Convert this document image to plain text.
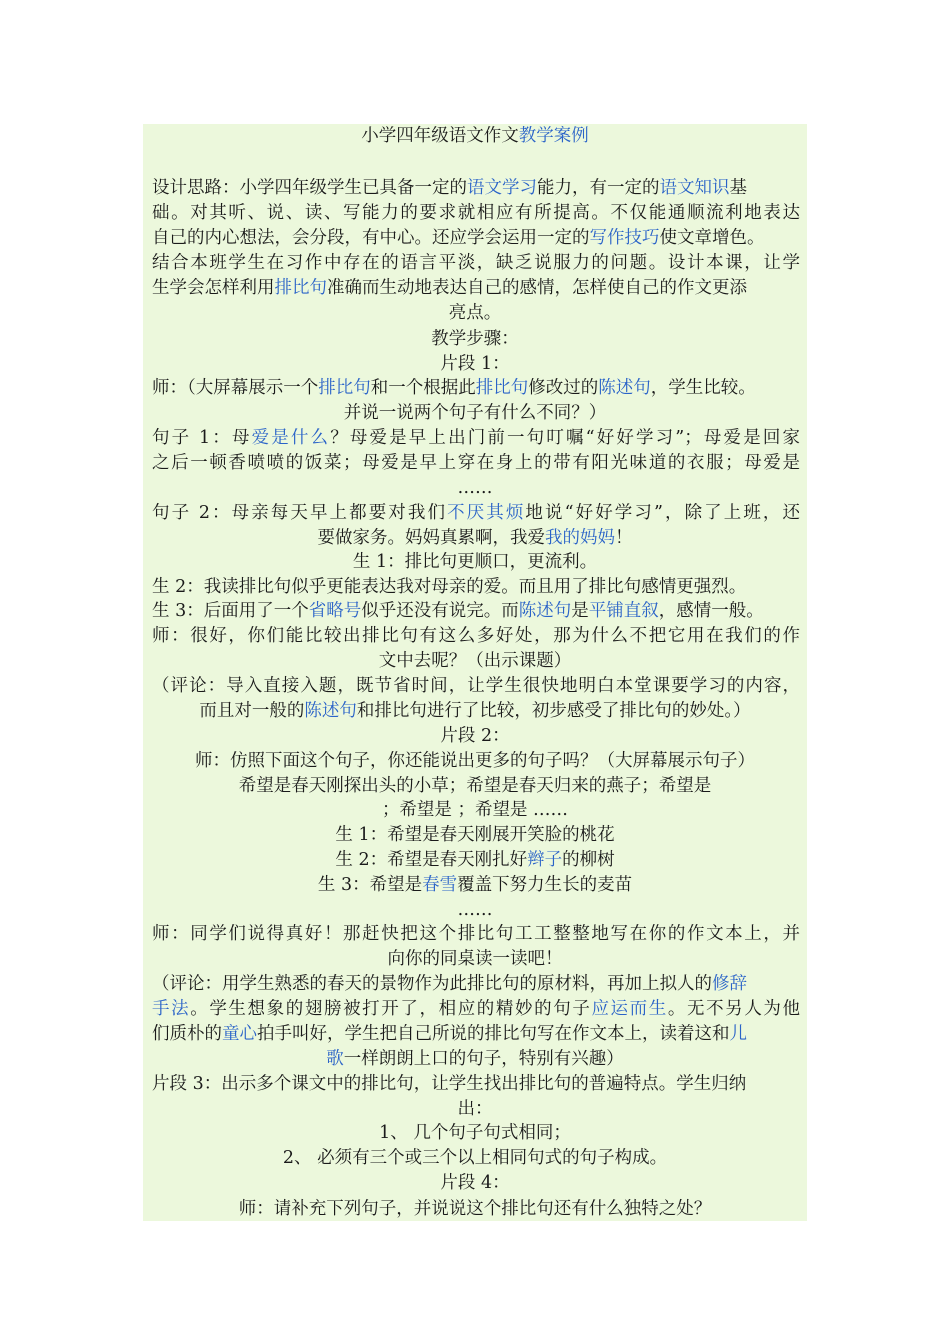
小学四年级语文作文教学案例
设计思路：小学四年级学生已具备一定的语文学习能力，有一定的语文知识基
础。对其听、说、读、写能力的要求就相应有所提高。不仅能通顺流利地表达
自己的内心想法，会分段，有中心。还应学会运用一定的写作技巧使文章增色。
结合本班学生在习作中存在的语言平淡，缺乏说服力的问题。设计本课，让学
生学会怎样利用排比句准确而生动地表达自己的感情，怎样使自己的作文更添
亮点。
教学步骤：
片段 1：
师：（大屏幕展示一个排比句和一个根据此排比句修改过的陈述句，学生比较。
并说一说两个句子有什么不同？）
句子 1：母爱是什么？母爱是早上出门前一句叮嘱“好好学习”；母爱是回家
之后一顿香喷喷的饭菜；母爱是早上穿在身上的带有阳光味道的衣服；母爱是
……
句子 2：母亲每天早上都要对我们不厌其烦地说“好好学习”，除了上班，还
要做家务。妈妈真累啊，我爱我的妈妈！
生 1：排比句更顺口，更流利。
生 2：我读排比句似乎更能表达我对母亲的爱。而且用了排比句感情更强烈。
生 3：后面用了一个省略号似乎还没有说完。而陈述句是平铺直叙，感情一般。
师：很好，你们能比较出排比句有这么多好处，那为什么不把它用在我们的作
文中去呢？（出示课题）
（评论：导入直接入题，既节省时间，让学生很快地明白本堂课要学习的内容，
而且对一般的陈述句和排比句进行了比较，初步感受了排比句的妙处。）
片段 2：
师：仿照下面这个句子，你还能说出更多的句子吗？（大屏幕展示句子）
希望是春天刚探出头的小草；希望是春天归来的燕子；希望是
；希望是 ；希望是 ……
生 1：希望是春天刚展开笑脸的桃花
生 2：希望是春天刚扎好辫子的柳树
生 3：希望是春雪覆盖下努力生长的麦苗
……
师：同学们说得真好！那赶快把这个排比句工工整整地写在你的作文本上，并
向你的同桌读一读吧！
（评论：用学生熟悉的春天的景物作为此排比句的原材料，再加上拟人的修辞
手法。学生想象的翅膀被打开了，相应的精妙的句子应运而生。无不另人为他
们质朴的童心拍手叫好，学生把自己所说的排比句写在作文本上，读着这和儿
歌一样朗朗上口的句子，特别有兴趣）
片段 3：出示多个课文中的排比句，让学生找出排比句的普遍特点。学生归纳
出：
1、 几个句子句式相同；
2、 必须有三个或三个以上相同句式的句子构成。
片段 4：
师：请补充下列句子，并说说这个排比句还有什么独特之处？
